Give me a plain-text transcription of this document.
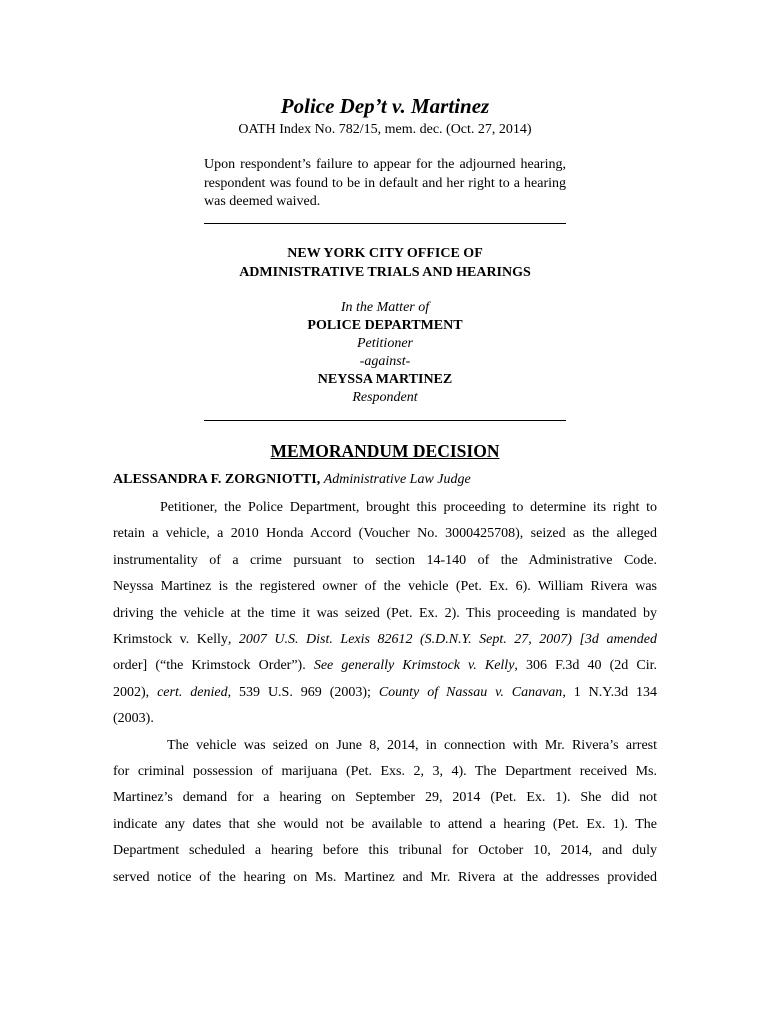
Police Dep’t v. Martinez
OATH Index No. 782/15, mem. dec. (Oct. 27, 2014)
Upon respondent’s failure to appear for the adjourned hearing, respondent was found to be in default and her right to a hearing was deemed waived.
NEW YORK CITY OFFICE OF
ADMINISTRATIVE TRIALS AND HEARINGS
In the Matter of
POLICE DEPARTMENT
Petitioner
-against-
NEYSSA MARTINEZ
Respondent
MEMORANDUM DECISION
ALESSANDRA F. ZORGNIOTTI, Administrative Law Judge
Petitioner, the Police Department, brought this proceeding to determine its right to
retain a vehicle, a 2010 Honda Accord (Voucher No. 3000425708), seized as the alleged
instrumentality of a crime pursuant to section 14-140 of the Administrative Code.
Neyssa Martinez is the registered owner of the vehicle (Pet. Ex. 6). William Rivera was
driving the vehicle at the time it was seized (Pet. Ex. 2). This proceeding is mandated by
Krimstock v. Kelly, 2007 U.S. Dist. Lexis 82612 (S.D.N.Y. Sept. 27, 2007) [3d amended
order] (“the Krimstock Order”). See generally Krimstock v. Kelly, 306 F.3d 40 (2d Cir.
2002), cert. denied, 539 U.S. 969 (2003); County of Nassau v. Canavan, 1 N.Y.3d 134
(2003).
The vehicle was seized on June 8, 2014, in connection with Mr. Rivera’s arrest
for criminal possession of marijuana (Pet. Exs. 2, 3, 4). The Department received Ms.
Martinez’s demand for a hearing on September 29, 2014 (Pet. Ex. 1). She did not
indicate any dates that she would not be available to attend a hearing (Pet. Ex. 1). The
Department scheduled a hearing before this tribunal for October 10, 2014, and duly
served notice of the hearing on Ms. Martinez and Mr. Rivera at the addresses provided
